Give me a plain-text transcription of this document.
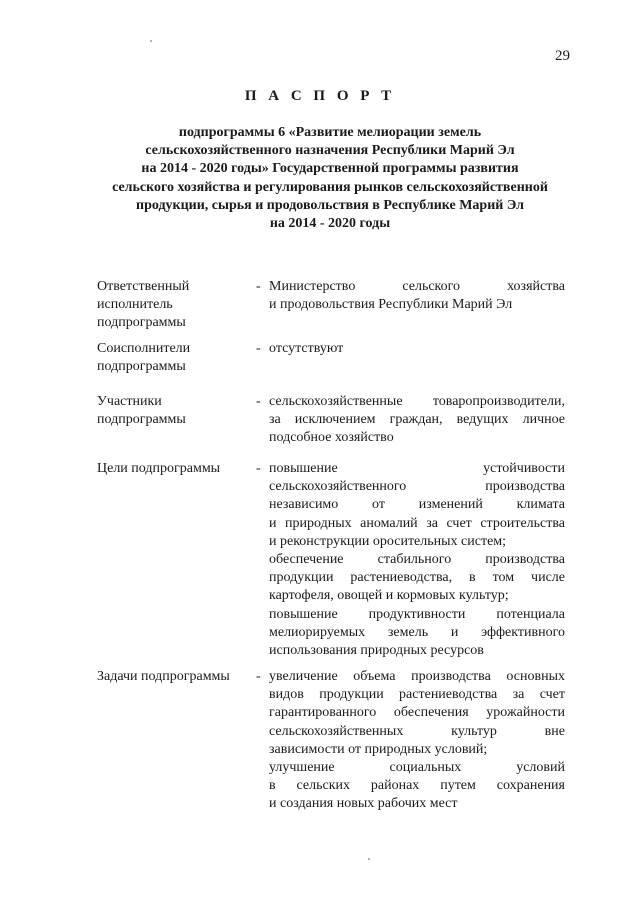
29
П А С П О Р Т
подпрограммы 6 «Развитие мелиорации земель
сельскохозяйственного назначения Республики Марий Эл
на 2014 - 2020 годы» Государственной программы развития
сельского хозяйства и регулирования рынков сельскохозяйственной
продукции, сырья и продовольствия в Республике Марий Эл
на 2014 - 2020 годы
Ответственный
исполнитель
подпрограммы
- Министерство сельского хозяйства
и продовольствия Республики Марий Эл
Соисполнители
подпрограммы
- отсутствуют
Участники
подпрограммы
- сельскохозяйственные товаропроизводители,
за исключением граждан, ведущих личное
подсобное хозяйство
Цели подпрограммы	- повышение устойчивости
сельскохозяйственного производства
независимо от изменений климата
и природных аномалий за счет строительства
и реконструкции оросительных систем;
обеспечение стабильного производства
продукции растениеводства, в том числе
картофеля, овощей и кормовых культур;
повышение продуктивности потенциала
мелиорируемых земель и эффективного
использования природных ресурсов
Задачи подпрограммы	- увеличение объема производства основных
видов продукции растениеводства за счет
гарантированного обеспечения урожайности
сельскохозяйственных культур вне
зависимости от природных условий;
улучшение социальных условий
в сельских районах путем сохранения
и создания новых рабочих мест
